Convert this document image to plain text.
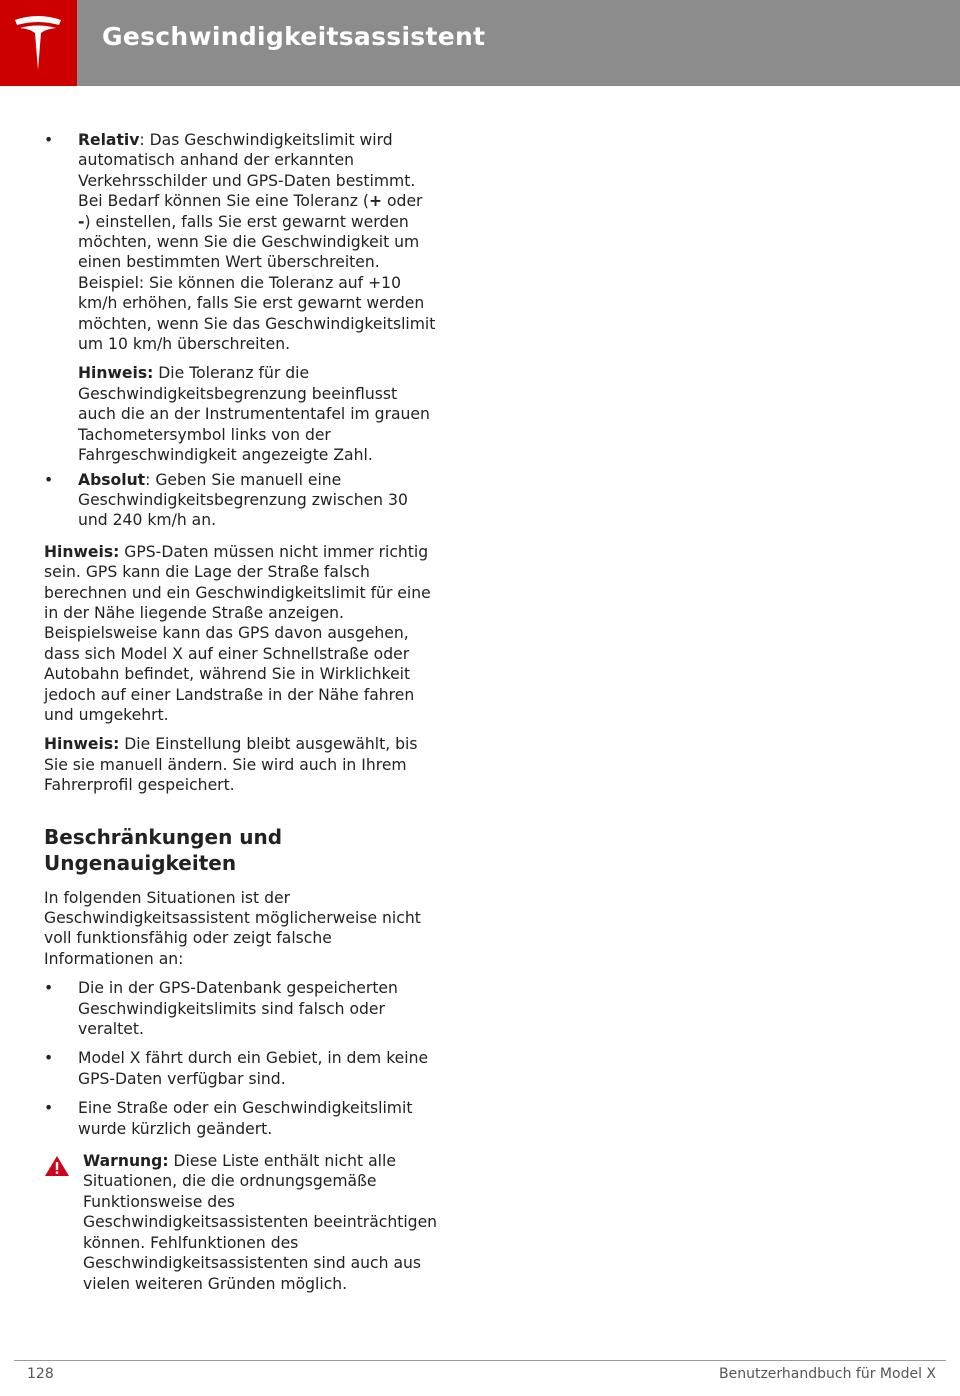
Geschwindigkeitsassistent
• Relativ: Das Geschwindigkeitslimit wird automatisch anhand der erkannten Verkehrsschilder und GPS-Daten bestimmt. Bei Bedarf können Sie eine Toleranz (+ oder -) einstellen, falls Sie erst gewarnt werden möchten, wenn Sie die Geschwindigkeit um einen bestimmten Wert überschreiten. Beispiel: Sie können die Toleranz auf +10 km/h erhöhen, falls Sie erst gewarnt werden möchten, wenn Sie das Geschwindigkeitslimit um 10 km/h überschreiten.
Hinweis: Die Toleranz für die Geschwindigkeitsbegrenzung beeinflusst auch die an der Instrumententafel im grauen Tachometersymbol links von der Fahrgeschwindigkeit angezeigte Zahl.
• Absolut: Geben Sie manuell eine Geschwindigkeitsbegrenzung zwischen 30 und 240 km/h an.

Hinweis: GPS-Daten müssen nicht immer richtig sein. GPS kann die Lage der Straße falsch berechnen und ein Geschwindigkeitslimit für eine in der Nähe liegende Straße anzeigen. Beispielsweise kann das GPS davon ausgehen, dass sich Model X auf einer Schnellstraße oder Autobahn befindet, während Sie in Wirklichkeit jedoch auf einer Landstraße in der Nähe fahren und umgekehrt.

Hinweis: Die Einstellung bleibt ausgewählt, bis Sie sie manuell ändern. Sie wird auch in Ihrem Fahrerprofil gespeichert.

Beschränkungen und Ungenauigkeiten

In folgenden Situationen ist der Geschwindigkeitsassistent möglicherweise nicht voll funktionsfähig oder zeigt falsche Informationen an:

• Die in der GPS-Datenbank gespeicherten Geschwindigkeitslimits sind falsch oder veraltet.
• Model X fährt durch ein Gebiet, in dem keine GPS-Daten verfügbar sind.
• Eine Straße oder ein Geschwindigkeitslimit wurde kürzlich geändert.
Warnung: Diese Liste enthält nicht alle Situationen, die die ordnungsgemäße Funktionsweise des Geschwindigkeitsassistenten beeinträchtigen können. Fehlfunktionen des Geschwindigkeitsassistenten sind auch aus vielen weiteren Gründen möglich.
128	Benutzerhandbuch für Model X
